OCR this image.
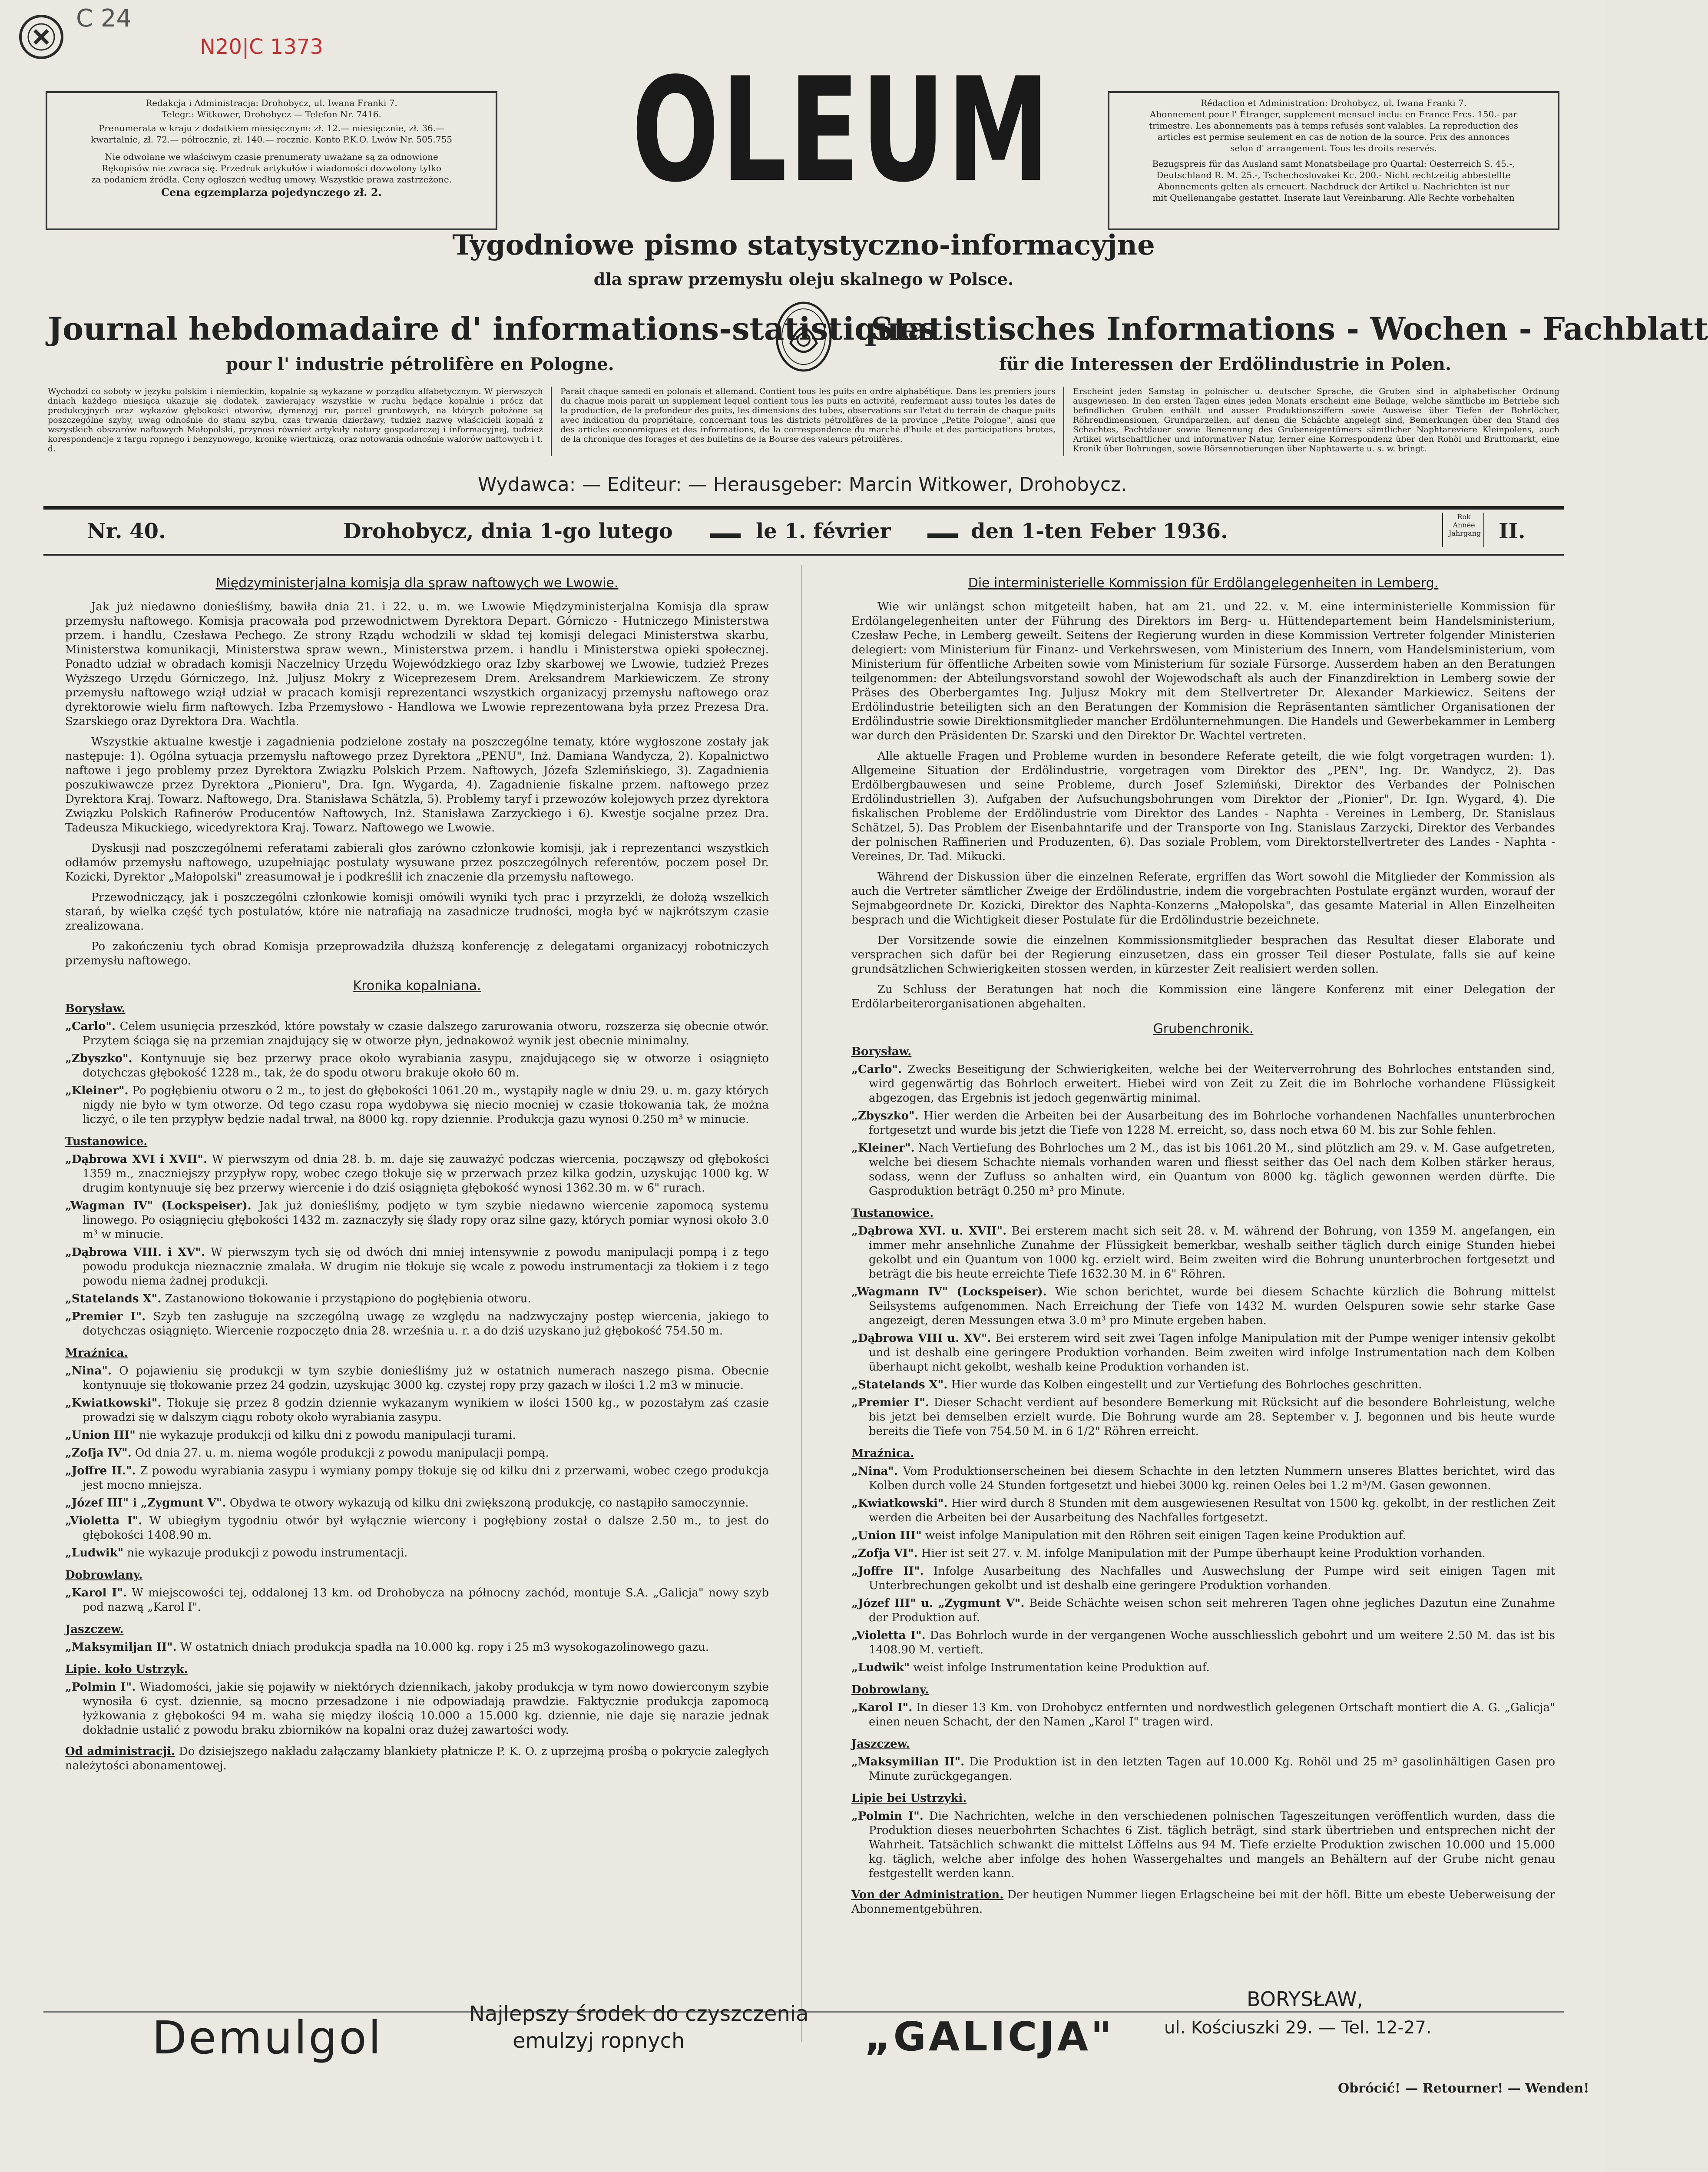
C 24
N20|C 1373
Redakcja i Administracja: Drohobycz, ul. Iwana Franki 7.
Telegr.: Witkower, Drohobycz — Telefon Nr. 7416.
Prenumerata w kraju z dodatkiem miesięcznym: zł. 12.— miesięcznie, zł. 36.—
kwartalnie, zł. 72.— półrocznie, zł. 140.— rocznie. Konto P.K.O. Lwów Nr. 505.755
Nie odwołane we właściwym czasie prenumeraty uważane są za odnowione
Rękopisów nie zwraca się. Przedruk artykułów i wiadomości dozwolony tylko
za podaniem źródła. Ceny ogłoszeń według umowy. Wszystkie prawa zastrzeżone.
Cena egzemplarza pojedynczego zł. 2.
Rédaction et Administration: Drohobycz, ul. Iwana Franki 7.
Abonnement pour l' Étranger, supplement mensuel inclu: en France Frcs. 150.- par
trimestre. Les abonnements pas à temps refusés sont valables. La reproduction des
articles est permise seulement en cas de notion de la source. Prix des annonces
selon d' arrangement. Tous les droits reservés.
Bezugspreis für das Ausland samt Monatsbeilage pro Quartal: Oesterreich S. 45.-,
Deutschland R. M. 25.-, Tschechoslovakei Kc. 200.- Nicht rechtzeitig abbestellte
Abonnements gelten als erneuert. Nachdruck der Artikel u. Nachrichten ist nur
mit Quellenangabe gestattet. Inserate laut Vereinbarung. Alle Rechte vorbehalten
OLEUM
Tygodniowe pismo statystyczno-informacyjne
dla spraw przemysłu oleju skalnego w Polsce.
Journal hebdomadaire d' informations-statistiques
pour l' industrie pétrolifère en Pologne.
Statistisches Informations - Wochen - Fachblatt
für die Interessen der Erdölindustrie in Polen.
Wychodzi co soboty w języku polskim i niemieckim, kopalnie są wykazane w porządku alfabetycznym. W pierwszych dniach każdego miesiąca ukazuje się dodatek, zawierający wszystkie w ruchu będące kopalnie i prócz dat produkcyjnych oraz wykazów głębokości otworów, dymenzyj rur, parcel gruntowych, na których położone są poszczególne szyby, uwag odnośnie do stanu szybu, czas trwania dzierżawy, tudzież nazwę właścicieli kopalń z wszystkich obszarów naftowych Małopolski, przynosi również artykuły natury gospodarczej i informacyjnej, tudzież korespondencje z targu ropnego i benzynowego, kronikę wiertniczą, oraz notowania odnośnie walorów naftowych i t. d.
Parait chaque samedi en polonais et allemand. Contient tous les puits en ordre alphabétique. Dans les premiers jours du chaque mois parait un supplement lequel contient tous les puits en activité, renfermant aussi toutes les dates de la production, de la profondeur des puits, les dimensions des tubes, observations sur l'etat du terrain de chaque puits avec indication du propriétaire, concernant tous les districts pétrolifères de la province „Petite Pologne", ainsi que des articles economiques et des informations, de la correspondence du marché d'huile et des participations brutes, de la chronique des forages et des bulletins de la Bourse des valeurs pétrolifères.
Erscheint jeden Samstag in polnischer u. deutscher Sprache, die Gruben sind in alphabetischer Ordnung ausgewiesen. In den ersten Tagen eines jeden Monats erscheint eine Beilage, welche sämtliche im Betriebe sich befindlichen Gruben enthält und ausser Produktionsziffern sowie Ausweise über Tiefen der Bohrlöcher, Röhrendimensionen, Grundparzellen, auf denen die Schächte angelegt sind, Bemerkungen über den Stand des Schachtes, Pachtdauer sowie Benennung des Grubeneigentümers sämtlicher Naphtareviere Kleinpolens, auch Artikel wirtschaftlicher und informativer Natur, ferner eine Korrespondenz über den Rohöl und Bruttomarkt, eine Kronik über Bohrungen, sowie Börsennotierungen über Naphtawerte u. s. w. bringt.
Wydawca: — Editeur: — Herausgeber: Marcin Witkower, Drohobycz.
Nr. 40.	Drohobycz, dnia 1-go lutego	le 1. février	den 1-ten Feber 1936.
Rok Année Jahrgang II.
Międzyministerjalna komisja dla spraw naftowych we Lwowie.

Jak już niedawno donieśliśmy, bawiła dnia 21. i 22. u. m. we Lwowie Międzyministerjalna Komisja dla spraw przemysłu naftowego. Komisja pracowała pod przewodnictwem Dyrektora Depart. Górniczo - Hutniczego Ministerstwa przem. i handlu, Czesława Pechego. Ze strony Rządu wchodzili w skład tej komisji delegaci Ministerstwa skarbu, Ministerstwa komunikacji, Ministerstwa spraw wewn., Ministerstwa przem. i handlu i Ministerstwa opieki społecznej. Ponadto udział w obradach komisji Naczelnicy Urzędu Wojewódzkiego oraz Izby skarbowej we Lwowie, tudzież Prezes Wyższego Urzędu Górniczego, Inż. Juljusz Mokry z Wiceprezesem Drem. Areksandrem Markiewiczem. Ze strony przemysłu naftowego wziął udział w pracach komisji reprezentanci wszystkich organizacyj przemysłu naftowego oraz dyrektorowie wielu firm naftowych. Izba Przemysłowo - Handlowa we Lwowie reprezentowana była przez Prezesa Dra. Szarskiego oraz Dyrektora Dra. Wachtla.

Wszystkie aktualne kwestje i zagadnienia podzielone zostały na poszczególne tematy, które wygłoszone zostały jak następuje: 1). Ogólna sytuacja przemysłu naftowego przez Dyrektora „PENU", Inż. Damiana Wandycza, 2). Kopalnictwo naftowe i jego problemy przez Dyrektora Związku Polskich Przem. Naftowych, Józefa Szlemińskiego, 3). Zagadnienia poszukiwawcze przez Dyrektora „Pionieru", Dra. Ign. Wygarda, 4). Zagadnienie fiskalne przem. naftowego przez Dyrektora Kraj. Towarz. Naftowego, Dra. Stanisława Schätzla, 5). Problemy taryf i przewozów kolejowych przez dyrektora Związku Polskich Rafinerów Producentów Naftowych, Inż. Stanisława Zarzyckiego i 6). Kwestje socjalne przez Dra. Tadeusza Mikuckiego, wicedyrektora Kraj. Towarz. Naftowego we Lwowie.

Dyskusji nad poszczególnemi referatami zabierali głos zarówno członkowie komisji, jak i reprezentanci wszystkich odłamów przemysłu naftowego, uzupełniając postulaty wysuwane przez poszczególnych referentów, poczem poseł Dr. Kozicki, Dyrektor „Małopolski" zreasumował je i podkreślił ich znaczenie dla przemysłu naftowego.

Przewodniczący, jak i poszczególni członkowie komisji omówili wyniki tych prac i przyrzekli, że dołożą wszelkich starań, by wielka część tych postulatów, które nie natrafiają na zasadnicze trudności, mogła być w najkrótszym czasie zrealizowana.

Po zakończeniu tych obrad Komisja przeprowadziła dłuższą konferencję z delegatami organizacyj robotniczych przemysłu naftowego.

Kronika kopalniana.
Borysław.
„Carlo". Celem usunięcia przeszkód, które powstały w czasie dalszego zarurowania otworu, rozszerza się obecnie otwór. Przytem ściąga się na przemian znajdujący się w otworze płyn, jednakowoż wynik jest obecnie minimalny.
„Zbyszko". Kontynuuje się bez przerwy prace około wyrabiania zasypu, znajdującego się w otworze i osiągnięto dotychczas głębokość 1228 m., tak, że do spodu otworu brakuje około 60 m.
„Kleiner". Po pogłębieniu otworu o 2 m., to jest do głębokości 1061.20 m., wystąpiły nagle w dniu 29. u. m. gazy których nigdy nie było w tym otworze. Od tego czasu ropa wydobywa się niecio mocniej w czasie tłokowania tak, że można liczyć, o ile ten przypływ będzie nadal trwał, na 8000 kg. ropy dziennie. Produkcja gazu wynosi 0.250 m³ w minucie.
Tustanowice.
„Dąbrowa XVI i XVII". W pierwszym od dnia 28. b. m. daje się zauważyć podczas wiercenia, począwszy od głębokości 1359 m., znaczniejszy przypływ ropy, wobec czego tłokuje się w przerwach przez kilka godzin, uzyskując 1000 kg. W drugim kontynuuje się bez przerwy wiercenie i do dziś osiągnięta głębokość wynosi 1362.30 m. w 6" rurach.
„Wagman IV" (Lockspeiser). Jak już donieśliśmy, podjęto w tym szybie niedawno wiercenie zapomocą systemu linowego. Po osiągnięciu głębokości 1432 m. zaznaczyły się ślady ropy oraz silne gazy, których pomiar wynosi około 3.0 m³ w minucie.
„Dąbrowa VIII. i XV". W pierwszym tych się od dwóch dni mniej intensywnie z powodu manipulacji pompą i z tego powodu produkcja nieznacznie zmalała. W drugim nie tłokuje się wcale z powodu instrumentacji za tłokiem i z tego powodu niema żadnej produkcji.
„Statelands X". Zastanowiono tłokowanie i przystąpiono do pogłębienia otworu.
„Premier I". Szyb ten zasługuje na szczególną uwagę ze względu na nadzwyczajny postęp wiercenia, jakiego to dotychczas osiągnięto. Wiercenie rozpoczęto dnia 28. września u. r. a do dziś uzyskano już głębokość 754.50 m.
Mraźnica.
„Nina". O pojawieniu się produkcji w tym szybie donieśliśmy już w ostatnich numerach naszego pisma. Obecnie kontynuuje się tłokowanie przez 24 godzin, uzyskując 3000 kg. czystej ropy przy gazach w ilości 1.2 m3 w minucie.
„Kwiatkowski". Tłokuje się przez 8 godzin dziennie wykazanym wynikiem w ilości 1500 kg., w pozostałym zaś czasie prowadzi się w dalszym ciągu roboty około wyrabiania zasypu.
„Union III" nie wykazuje produkcji od kilku dni z powodu manipulacji turami.
„Zofja IV". Od dnia 27. u. m. niema wogóle produkcji z powodu manipulacji pompą.
„Joffre II.". Z powodu wyrabiania zasypu i wymiany pompy tłokuje się od kilku dni z przerwami, wobec czego produkcja jest mocno mniejsza.
„Józef III" i „Zygmunt V". Obydwa te otwory wykazują od kilku dni zwiększoną produkcję, co nastąpiło samoczynnie.
„Violetta I". W ubiegłym tygodniu otwór był wyłącznie wiercony i pogłębiony został o dalsze 2.50 m., to jest do głębokości 1408.90 m.
„Ludwik" nie wykazuje produkcji z powodu instrumentacji.
Dobrowlany.
„Karol I". W miejscowości tej, oddalonej 13 km. od Drohobycza na północny zachód, montuje S.A. „Galicja" nowy szyb pod nazwą „Karol I".
Jaszczew.
„Maksymiljan II". W ostatnich dniach produkcja spadła na 10.000 kg. ropy i 25 m3 wysokogazolinowego gazu.
Lipie. koło Ustrzyk.
„Polmin I". Wiadomości, jakie się pojawiły w niektórych dziennikach, jakoby produkcja w tym nowo dowierconym szybie wynosiła 6 cyst. dziennie, są mocno przesadzone i nie odpowiadają prawdzie. Faktycznie produkcja zapomocą łyżkowania z głębokości 94 m. waha się między ilością 10.000 a 15.000 kg. dziennie, nie daje się narazie jednak dokładnie ustalić z powodu braku zbiorników na kopalni oraz dużej zawartości wody.

Od administracji. Do dzisiejszego nakładu załączamy blankiety płatnicze P. K. O. z uprzejmą prośbą o pokrycie zaległych należytości abonamentowej.

Die interministerielle Kommission für Erdölangelegenheiten in Lemberg.

Wie wir unlängst schon mitgeteilt haben, hat am 21. und 22. v. M. eine interministerielle Kommission für Erdölangelegenheiten unter der Führung des Direktors im Berg- u. Hüttendepartement beim Handelsministerium, Czesław Peche, in Lemberg geweilt. Seitens der Regierung wurden in diese Kommission Vertreter folgender Ministerien delegiert: vom Ministerium für Finanz- und Verkehrswesen, vom Ministerium des Innern, vom Handelsministerium, vom Ministerium für öffentliche Arbeiten sowie vom Ministerium für soziale Fürsorge. Ausserdem haben an den Beratungen teilgenommen: der Abteilungsvorstand sowohl der Wojewodschaft als auch der Finanzdirektion in Lemberg sowie der Präses des Oberbergamtes Ing. Juljusz Mokry mit dem Stellvertreter Dr. Alexander Markiewicz. Seitens der Erdölindustrie beteiligten sich an den Beratungen der Kommision die Repräsentanten sämtlicher Organisationen der Erdölindustrie sowie Direktionsmitglieder mancher Erdölunternehmungen. Die Handels und Gewerbekammer in Lemberg war durch den Präsidenten Dr. Szarski und den Direktor Dr. Wachtel vertreten.

Alle aktuelle Fragen und Probleme wurden in besondere Referate geteilt, die wie folgt vorgetragen wurden: 1). Allgemeine Situation der Erdölindustrie, vorgetragen vom Direktor des „PEN", Ing. Dr. Wandycz, 2). Das Erdölbergbauwesen und seine Probleme, durch Josef Szlemiński, Direktor des Verbandes der Polnischen Erdölindustriellen 3). Aufgaben der Aufsuchungsbohrungen vom Direktor der „Pionier", Dr. Ign. Wygard, 4). Die fiskalischen Probleme der Erdölindustrie vom Direktor des Landes - Naphta - Vereines in Lemberg, Dr. Stanislaus Schätzel, 5). Das Problem der Eisenbahntarife und der Transporte von Ing. Stanislaus Zarzycki, Direktor des Verbandes der polnischen Raffinerien und Produzenten, 6). Das soziale Problem, vom Direktorstellvertreter des Landes - Naphta - Vereines, Dr. Tad. Mikucki.

Während der Diskussion über die einzelnen Referate, ergriffen das Wort sowohl die Mitglieder der Kommission als auch die Vertreter sämtlicher Zweige der Erdölindustrie, indem die vorgebrachten Postulate ergänzt wurden, worauf der Sejmabgeordnete Dr. Kozicki, Direktor des Naphta-Konzerns „Małopolska", das gesamte Material in Allen Einzelheiten besprach und die Wichtigkeit dieser Postulate für die Erdölindustrie bezeichnete.

Der Vorsitzende sowie die einzelnen Kommissionsmitglieder besprachen das Resultat dieser Elaborate und versprachen sich dafür bei der Regierung einzusetzen, dass ein grosser Teil dieser Postulate, falls sie auf keine grundsätzlichen Schwierigkeiten stossen werden, in kürzester Zeit realisiert werden sollen.

Zu Schluss der Beratungen hat noch die Kommission eine längere Konferenz mit einer Delegation der Erdölarbeiterorganisationen abgehalten.

Grubenchronik.
Borysław.
„Carlo". Zwecks Beseitigung der Schwierigkeiten, welche bei der Weiterverrohrung des Bohrloches entstanden sind, wird gegenwärtig das Bohrloch erweitert. Hiebei wird von Zeit zu Zeit die im Bohrloche vorhandene Flüssigkeit abgezogen, das Ergebnis ist jedoch gegenwärtig minimal.
„Zbyszko". Hier werden die Arbeiten bei der Ausarbeitung des im Bohrloche vorhandenen Nachfalles ununterbrochen fortgesetzt und wurde bis jetzt die Tiefe von 1228 M. erreicht, so, dass noch etwa 60 M. bis zur Sohle fehlen.
„Kleiner". Nach Vertiefung des Bohrloches um 2 M., das ist bis 1061.20 M., sind plötzlich am 29. v. M. Gase aufgetreten, welche bei diesem Schachte niemals vorhanden waren und fliesst seither das Oel nach dem Kolben stärker heraus, sodass, wenn der Zufluss so anhalten wird, ein Quantum von 8000 kg. täglich gewonnen werden dürfte. Die Gasproduktion beträgt 0.250 m³ pro Minute.
Tustanowice.
„Dąbrowa XVI. u. XVII". Bei ersterem macht sich seit 28. v. M. während der Bohrung, von 1359 M. angefangen, ein immer mehr ansehnliche Zunahme der Flüssigkeit bemerkbar, weshalb seither täglich durch einige Stunden hiebei gekolbt und ein Quantum von 1000 kg. erzielt wird. Beim zweiten wird die Bohrung ununterbrochen fortgesetzt und beträgt die bis heute erreichte Tiefe 1632.30 M. in 6" Röhren.
„Wagmann IV" (Lockspeiser). Wie schon berichtet, wurde bei diesem Schachte kürzlich die Bohrung mittelst Seilsystems aufgenommen. Nach Erreichung der Tiefe von 1432 M. wurden Oelspuren sowie sehr starke Gase angezeigt, deren Messungen etwa 3.0 m³ pro Minute ergeben haben.
„Dąbrowa VIII u. XV". Bei ersterem wird seit zwei Tagen infolge Manipulation mit der Pumpe weniger intensiv gekolbt und ist deshalb eine geringere Produktion vorhanden. Beim zweiten wird infolge Instrumentation nach dem Kolben überhaupt nicht gekolbt, weshalb keine Produktion vorhanden ist.
„Statelands X". Hier wurde das Kolben eingestellt und zur Vertiefung des Bohrloches geschritten.
„Premier I". Dieser Schacht verdient auf besondere Bemerkung mit Rücksicht auf die besondere Bohrleistung, welche bis jetzt bei demselben erzielt wurde. Die Bohrung wurde am 28. September v. J. begonnen und bis heute wurde bereits die Tiefe von 754.50 M. in 6 1/2" Röhren erreicht.
Mraźnica.
„Nina". Vom Produktionserscheinen bei diesem Schachte in den letzten Nummern unseres Blattes berichtet, wird das Kolben durch volle 24 Stunden fortgesetzt und hiebei 3000 kg. reinen Oeles bei 1.2 m³/M. Gasen gewonnen.
„Kwiatkowski". Hier wird durch 8 Stunden mit dem ausgewiesenen Resultat von 1500 kg. gekolbt, in der restlichen Zeit werden die Arbeiten bei der Ausarbeitung des Nachfalles fortgesetzt.
„Union III" weist infolge Manipulation mit den Röhren seit einigen Tagen keine Produktion auf.
„Zofja VI". Hier ist seit 27. v. M. infolge Manipulation mit der Pumpe überhaupt keine Produktion vorhanden.
„Joffre II". Infolge Ausarbeitung des Nachfalles und Auswechslung der Pumpe wird seit einigen Tagen mit Unterbrechungen gekolbt und ist deshalb eine geringere Produktion vorhanden.
„Józef III" u. „Zygmunt V". Beide Schächte weisen schon seit mehreren Tagen ohne jegliches Dazutun eine Zunahme der Produktion auf.
„Violetta I". Das Bohrloch wurde in der vergangenen Woche ausschliesslich gebohrt und um weitere 2.50 M. das ist bis 1408.90 M. vertieft.
„Ludwik" weist infolge Instrumentation keine Produktion auf.
Dobrowlany.
„Karol I". In dieser 13 Km. von Drohobycz entfernten und nordwestlich gelegenen Ortschaft montiert die A. G. „Galicja" einen neuen Schacht, der den Namen „Karol I" tragen wird.
Jaszczew.
„Maksymilian II". Die Produktion ist in den letzten Tagen auf 10.000 Kg. Rohöl und 25 m³ gasolinhältigen Gasen pro Minute zurückgegangen.
Lipie bei Ustrzyki.
„Polmin I". Die Nachrichten, welche in den verschiedenen polnischen Tageszeitungen veröffentlich wurden, dass die Produktion dieses neuerbohrten Schachtes 6 Zist. täglich beträgt, sind stark übertrieben und entsprechen nicht der Wahrheit. Tatsächlich schwankt die mittelst Löffelns aus 94 M. Tiefe erzielte Produktion zwischen 10.000 und 15.000 kg. täglich, welche aber infolge des hohen Wassergehaltes und mangels an Behältern auf der Grube nicht genau festgestellt werden kann.

Von der Administration. Der heutigen Nummer liegen Erlagscheine bei mit der höfl. Bitte um ebeste Ueberweisung der Abonnementgebühren.

Demulgol	Najlepszy środek do czyszczenia
emulzyj ropnych	„GALICJA"
BORYSŁAW,
ul. Kościuszki 29. — Tel. 12-27.
Obrócić! — Retourner! — Wenden!
